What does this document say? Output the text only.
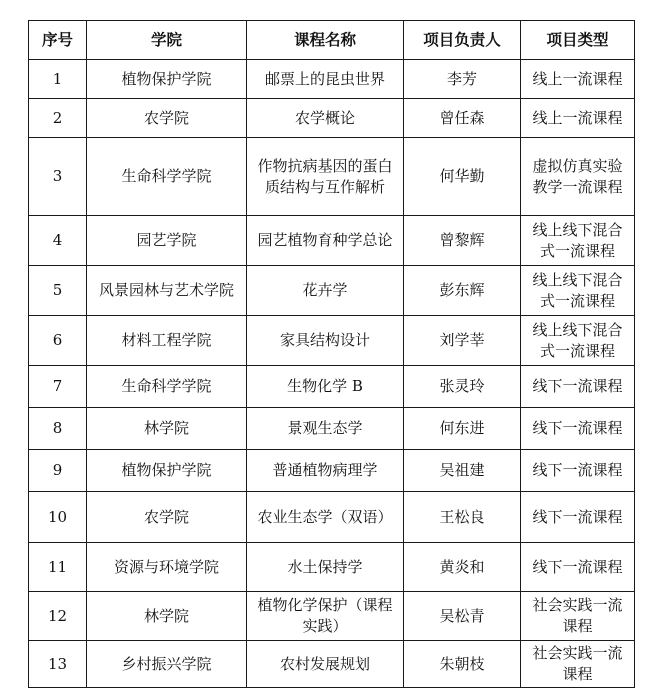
序号	学院	课程名称	项目负责人	项目类型
1	植物保护学院	邮票上的昆虫世界	李芳	线上一流课程
2	农学院	农学概论	曾任森	线上一流课程
3	生命科学学院	作物抗病基因的蛋白质结构与互作解析	何华勤	虚拟仿真实验教学一流课程
4	园艺学院	园艺植物育种学总论	曾黎辉	线上线下混合式一流课程
5	风景园林与艺术学院	花卉学	彭东辉	线上线下混合式一流课程
6	材料工程学院	家具结构设计	刘学莘	线上线下混合式一流课程
7	生命科学学院	生物化学 B	张灵玲	线下一流课程
8	林学院	景观生态学	何东进	线下一流课程
9	植物保护学院	普通植物病理学	吴祖建	线下一流课程
10	农学院	农业生态学（双语）	王松良	线下一流课程
11	资源与环境学院	水土保持学	黄炎和	线下一流课程
12	林学院	植物化学保护（课程实践）	吴松青	社会实践一流课程
13	乡村振兴学院	农村发展规划	朱朝枝	社会实践一流课程
